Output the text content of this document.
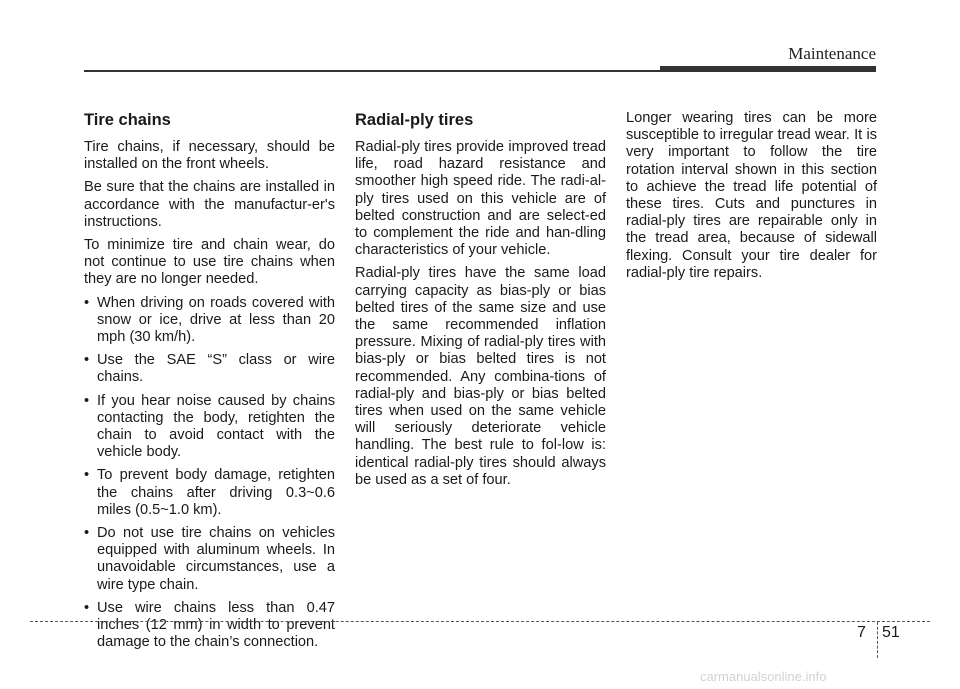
Maintenance
Tire chains

Tire chains, if necessary, should be installed on the front wheels.

Be sure that the chains are installed in accordance with the manufactur-er's instructions.

To minimize tire and chain wear, do not continue to use tire chains when they are no longer needed.

• When driving on roads covered with snow or ice, drive at less than 20 mph (30 km/h).
• Use the SAE “S” class or wire chains.
• If you hear noise caused by chains contacting the body, retighten the chain to avoid contact with the vehicle body.
• To prevent body damage, retighten the chains after driving 0.3~0.6 miles (0.5~1.0 km).
• Do not use tire chains on vehicles equipped with aluminum wheels. In unavoidable circumstances, use a wire type chain.
• Use wire chains less than 0.47 inches (12 mm) in width to prevent damage to the chain’s connection.
Radial-ply tires

Radial-ply tires provide improved tread life, road hazard resistance and smoother high speed ride. The radi-al-ply tires used on this vehicle are of belted construction and are select-ed to complement the ride and han-dling characteristics of your vehicle.

Radial-ply tires have the same load carrying capacity as bias-ply or bias belted tires of the same size and use the same recommended inflation pressure. Mixing of radial-ply tires with bias-ply or bias belted tires is not recommended. Any combina-tions of radial-ply and bias-ply or bias belted tires when used on the same vehicle will seriously deteriorate vehicle handling. The best rule to fol-low is: identical radial-ply tires should always be used as a set of four.

Longer wearing tires can be more susceptible to irregular tread wear. It is very important to follow the tire rotation interval shown in this section to achieve the tread life potential of these tires. Cuts and punctures in radial-ply tires are repairable only in the tread area, because of sidewall flexing. Consult your tire dealer for radial-ply tire repairs.

7 51
carmanualsonline.info
